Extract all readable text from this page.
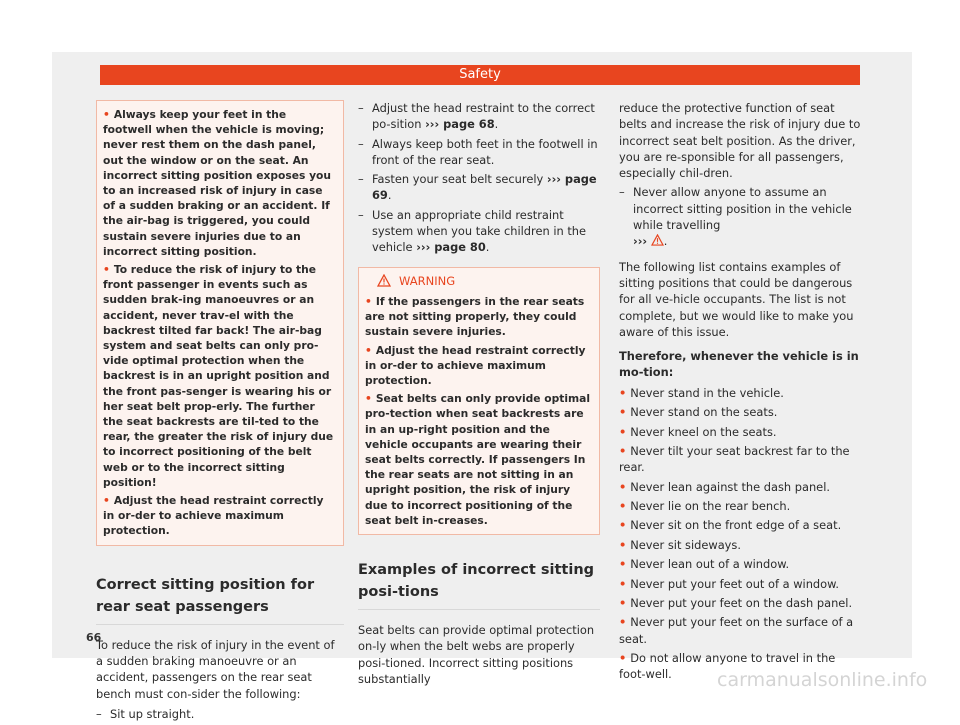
Safety

• Always keep your feet in the footwell when the vehicle is moving; never rest them on the dash panel, out the window or on the seat. An incorrect sitting position exposes you to an increased risk of injury in case of a sudden braking or an accident. If the air-bag is triggered, you could sustain severe injuries due to an incorrect sitting position.

• To reduce the risk of injury to the front passenger in events such as sudden brak-ing manoeuvres or an accident, never trav-el with the backrest tilted far back! The air-bag system and seat belts can only pro-vide optimal protection when the backrest is in an upright position and the front pas-senger is wearing his or her seat belt prop-erly. The further the seat backrests are til-ted to the rear, the greater the risk of injury due to incorrect positioning of the belt web or to the incorrect sitting position!

• Adjust the head restraint correctly in or-der to achieve maximum protection.

Correct sitting position for rear seat passengers

To reduce the risk of injury in the event of a sudden braking manoeuvre or an accident, passengers on the rear seat bench must con-sider the following:

– Sit up straight.
– Adjust the head restraint to the correct po-sition ››› page 68.
– Always keep both feet in the footwell in front of the rear seat.
– Fasten your seat belt securely ››› page 69.
– Use an appropriate child restraint system when you take children in the vehicle ››› page 80.
WARNING

• If the passengers in the rear seats are not sitting properly, they could sustain severe injuries.

• Adjust the head restraint correctly in or-der to achieve maximum protection.

• Seat belts can only provide optimal pro-tection when seat backrests are in an up-right position and the vehicle occupants are wearing their seat belts correctly. If passengers In the rear seats are not sitting in an upright position, the risk of injury due to incorrect positioning of the seat belt in-creases.

Examples of incorrect sitting posi-tions

Seat belts can provide optimal protection on-ly when the belt webs are properly posi-tioned. Incorrect sitting positions substantially

reduce the protective function of seat belts and increase the risk of injury due to incorrect seat belt position. As the driver, you are re-sponsible for all passengers, especially chil-dren.

– Never allow anyone to assume an incorrect sitting position in the vehicle while travelling
››› .

The following list contains examples of sitting positions that could be dangerous for all ve-hicle occupants. The list is not complete, but we would like to make you aware of this issue.

Therefore, whenever the vehicle is in mo-tion:

• Never stand in the vehicle.
• Never stand on the seats.
• Never kneel on the seats.
• Never tilt your seat backrest far to the rear.
• Never lean against the dash panel.
• Never lie on the rear bench.
• Never sit on the front edge of a seat.
• Never sit sideways.
• Never lean out of a window.
• Never put your feet out of a window.
• Never put your feet on the dash panel.
• Never put your feet on the surface of a seat.
• Do not allow anyone to travel in the foot-well.
66
carmanualsonline.info
